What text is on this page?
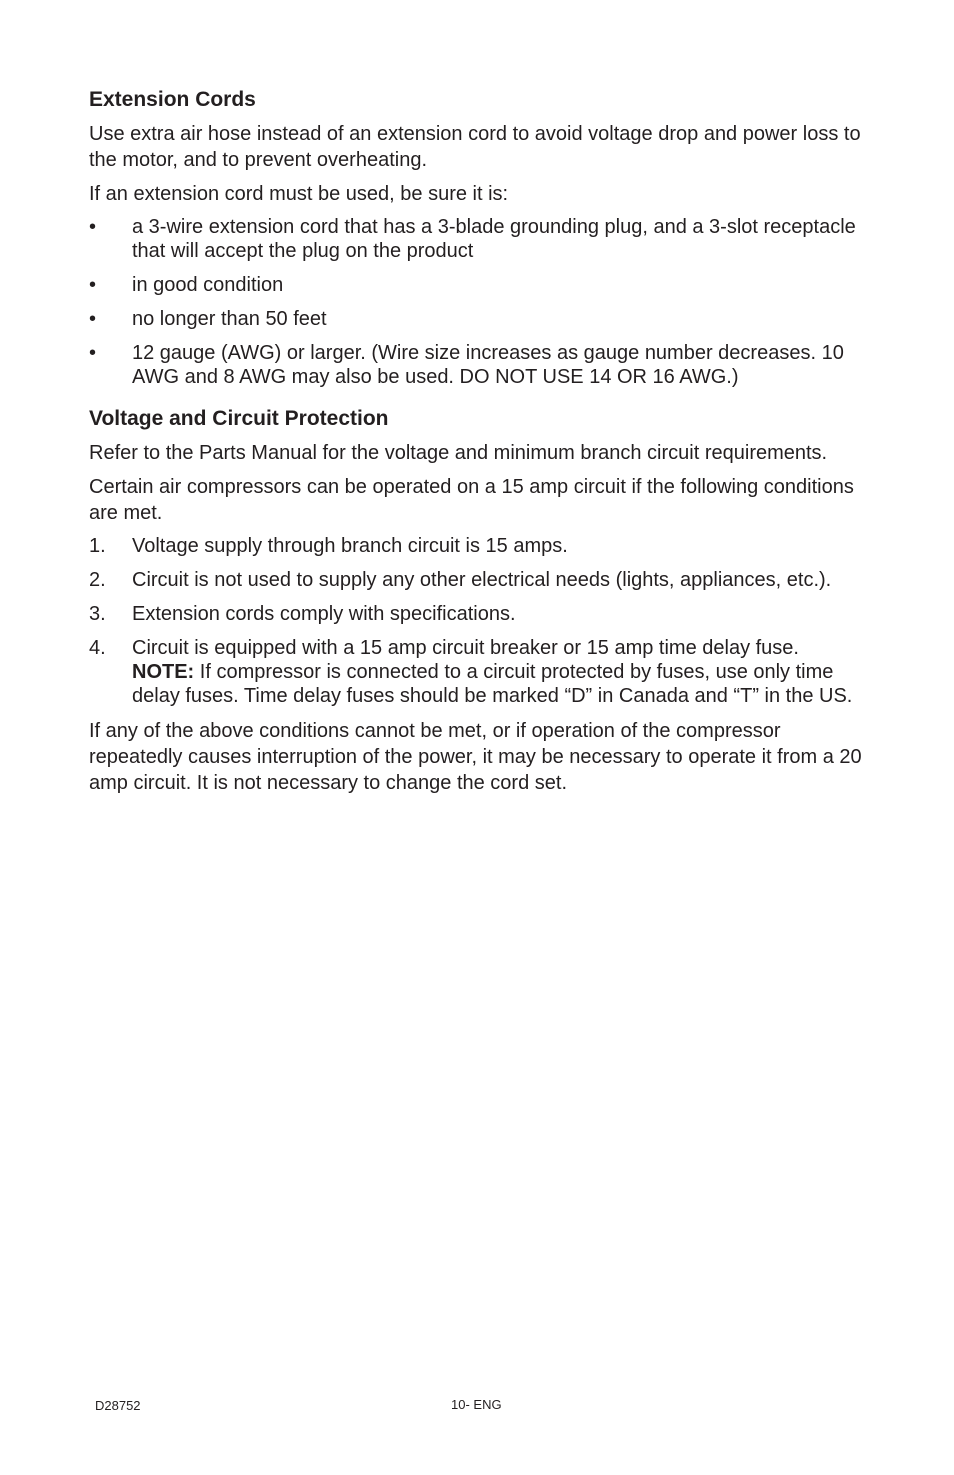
Extension Cords

Use extra air hose instead of an extension cord to avoid voltage drop and power loss to the motor, and to prevent overheating.

If an extension cord must be used, be sure it is:

• a 3-wire extension cord that has a 3-blade grounding plug, and a 3-slot receptacle that will accept the plug on the product
• in good condition
• no longer than 50 feet
• 12 gauge (AWG) or larger. (Wire size increases as gauge number decreases. 10 AWG and 8 AWG may also be used. DO NOT USE 14 OR 16 AWG.)
Voltage and Circuit Protection

Refer to the Parts Manual for the voltage and minimum branch circuit requirements.

Certain air compressors can be operated on a 15 amp circuit if the following conditions are met.

1. Voltage supply through branch circuit is 15 amps.
2. Circuit is not used to supply any other electrical needs (lights, appliances, etc.).
3. Extension cords comply with specifications.
4. Circuit is equipped with a 15 amp circuit breaker or 15 amp time delay fuse. NOTE: If compressor is connected to a circuit protected by fuses, use only time delay fuses. Time delay fuses should be marked “D” in Canada and “T” in the US.

If any of the above conditions cannot be met, or if operation of the compressor repeatedly causes interruption of the power, it may be necessary to operate it from a 20 amp circuit. It is not necessary to change the cord set.

D28752	10- ENG
